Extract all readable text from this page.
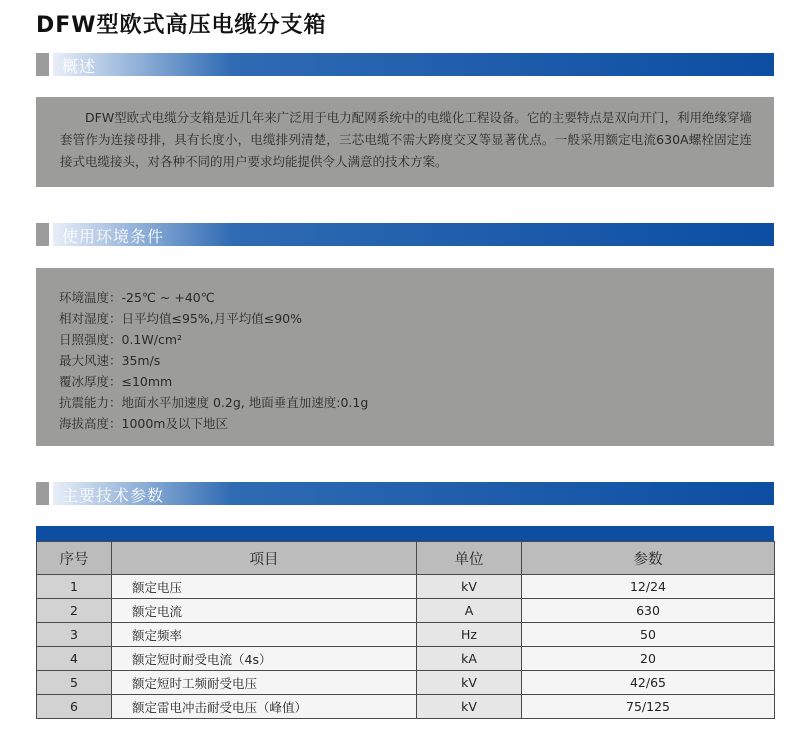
DFW型欧式高压电缆分支箱
概述

DFW型欧式电缆分支箱是近几年来广泛用于电力配网系统中的电缆化工程设备。它的主要特点是双向开门，利用绝缘穿墙套管作为连接母排，具有长度小，电缆排列清楚，三芯电缆不需大跨度交叉等显著优点。一般采用额定电流630A螺栓固定连接式电缆接头，对各种不同的用户要求均能提供令人满意的技术方案。

使用环境条件
环境温度：-25℃ ~ +40℃
相对湿度：日平均值≤95%,月平均值≤90%
日照强度：0.1W/cm²
最大风速：35m/s
覆冰厚度：≤10mm
抗震能力：地面水平加速度 0.2g, 地面垂直加速度:0.1g
海拔高度：1000m及以下地区
主要技术参数
序号	项目	单位	参数
1	额定电压	kV	12/24
2	额定电流	A	630
3	额定频率	Hz	50
4	额定短时耐受电流（4s）	kA	20
5	额定短时工频耐受电压	kV	42/65
6	额定雷电冲击耐受电压（峰值）	kV	75/125
